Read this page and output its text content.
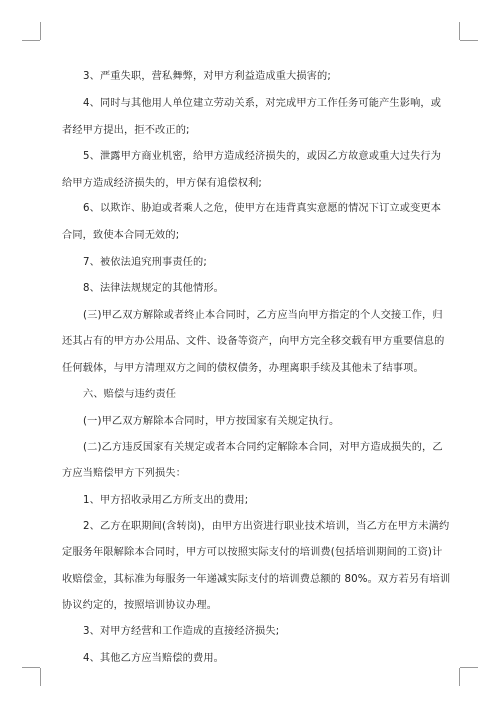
3、严重失职，营私舞弊，对甲方利益造成重大损害的;
4、同时与其他用人单位建立劳动关系，对完成甲方工作任务可能产生影响，或
者经甲方提出，拒不改正的;
5、泄露甲方商业机密，给甲方造成经济损失的，或因乙方故意或重大过失行为
给甲方造成经济损失的，甲方保有追偿权利;
6、以欺诈、胁迫或者乘人之危，使甲方在违背真实意愿的情况下订立或变更本
合同，致使本合同无效的;
7、被依法追究刑事责任的;
8、法律法规规定的其他情形。
(三)甲乙双方解除或者终止本合同时，乙方应当向甲方指定的个人交接工作，归
还其占有的甲方办公用品、文件、设备等资产，向甲方完全移交载有甲方重要信息的
任何载体，与甲方清理双方之间的债权债务，办理离职手续及其他未了结事项。
六、赔偿与违约责任
(一)甲乙双方解除本合同时，甲方按国家有关规定执行。
(二)乙方违反国家有关规定或者本合同约定解除本合同，对甲方造成损失的，乙
方应当赔偿甲方下列损失：
1、甲方招收录用乙方所支出的费用;
2、乙方在职期间(含转岗)，由甲方出资进行职业技术培训，当乙方在甲方未满约
定服务年限解除本合同时，甲方可以按照实际支付的培训费(包括培训期间的工资)计
收赔偿金，其标准为每服务一年递减实际支付的培训费总额的 80%。双方若另有培训
协议约定的，按照培训协议办理。
3、对甲方经营和工作造成的直接经济损失;
4、其他乙方应当赔偿的费用。
